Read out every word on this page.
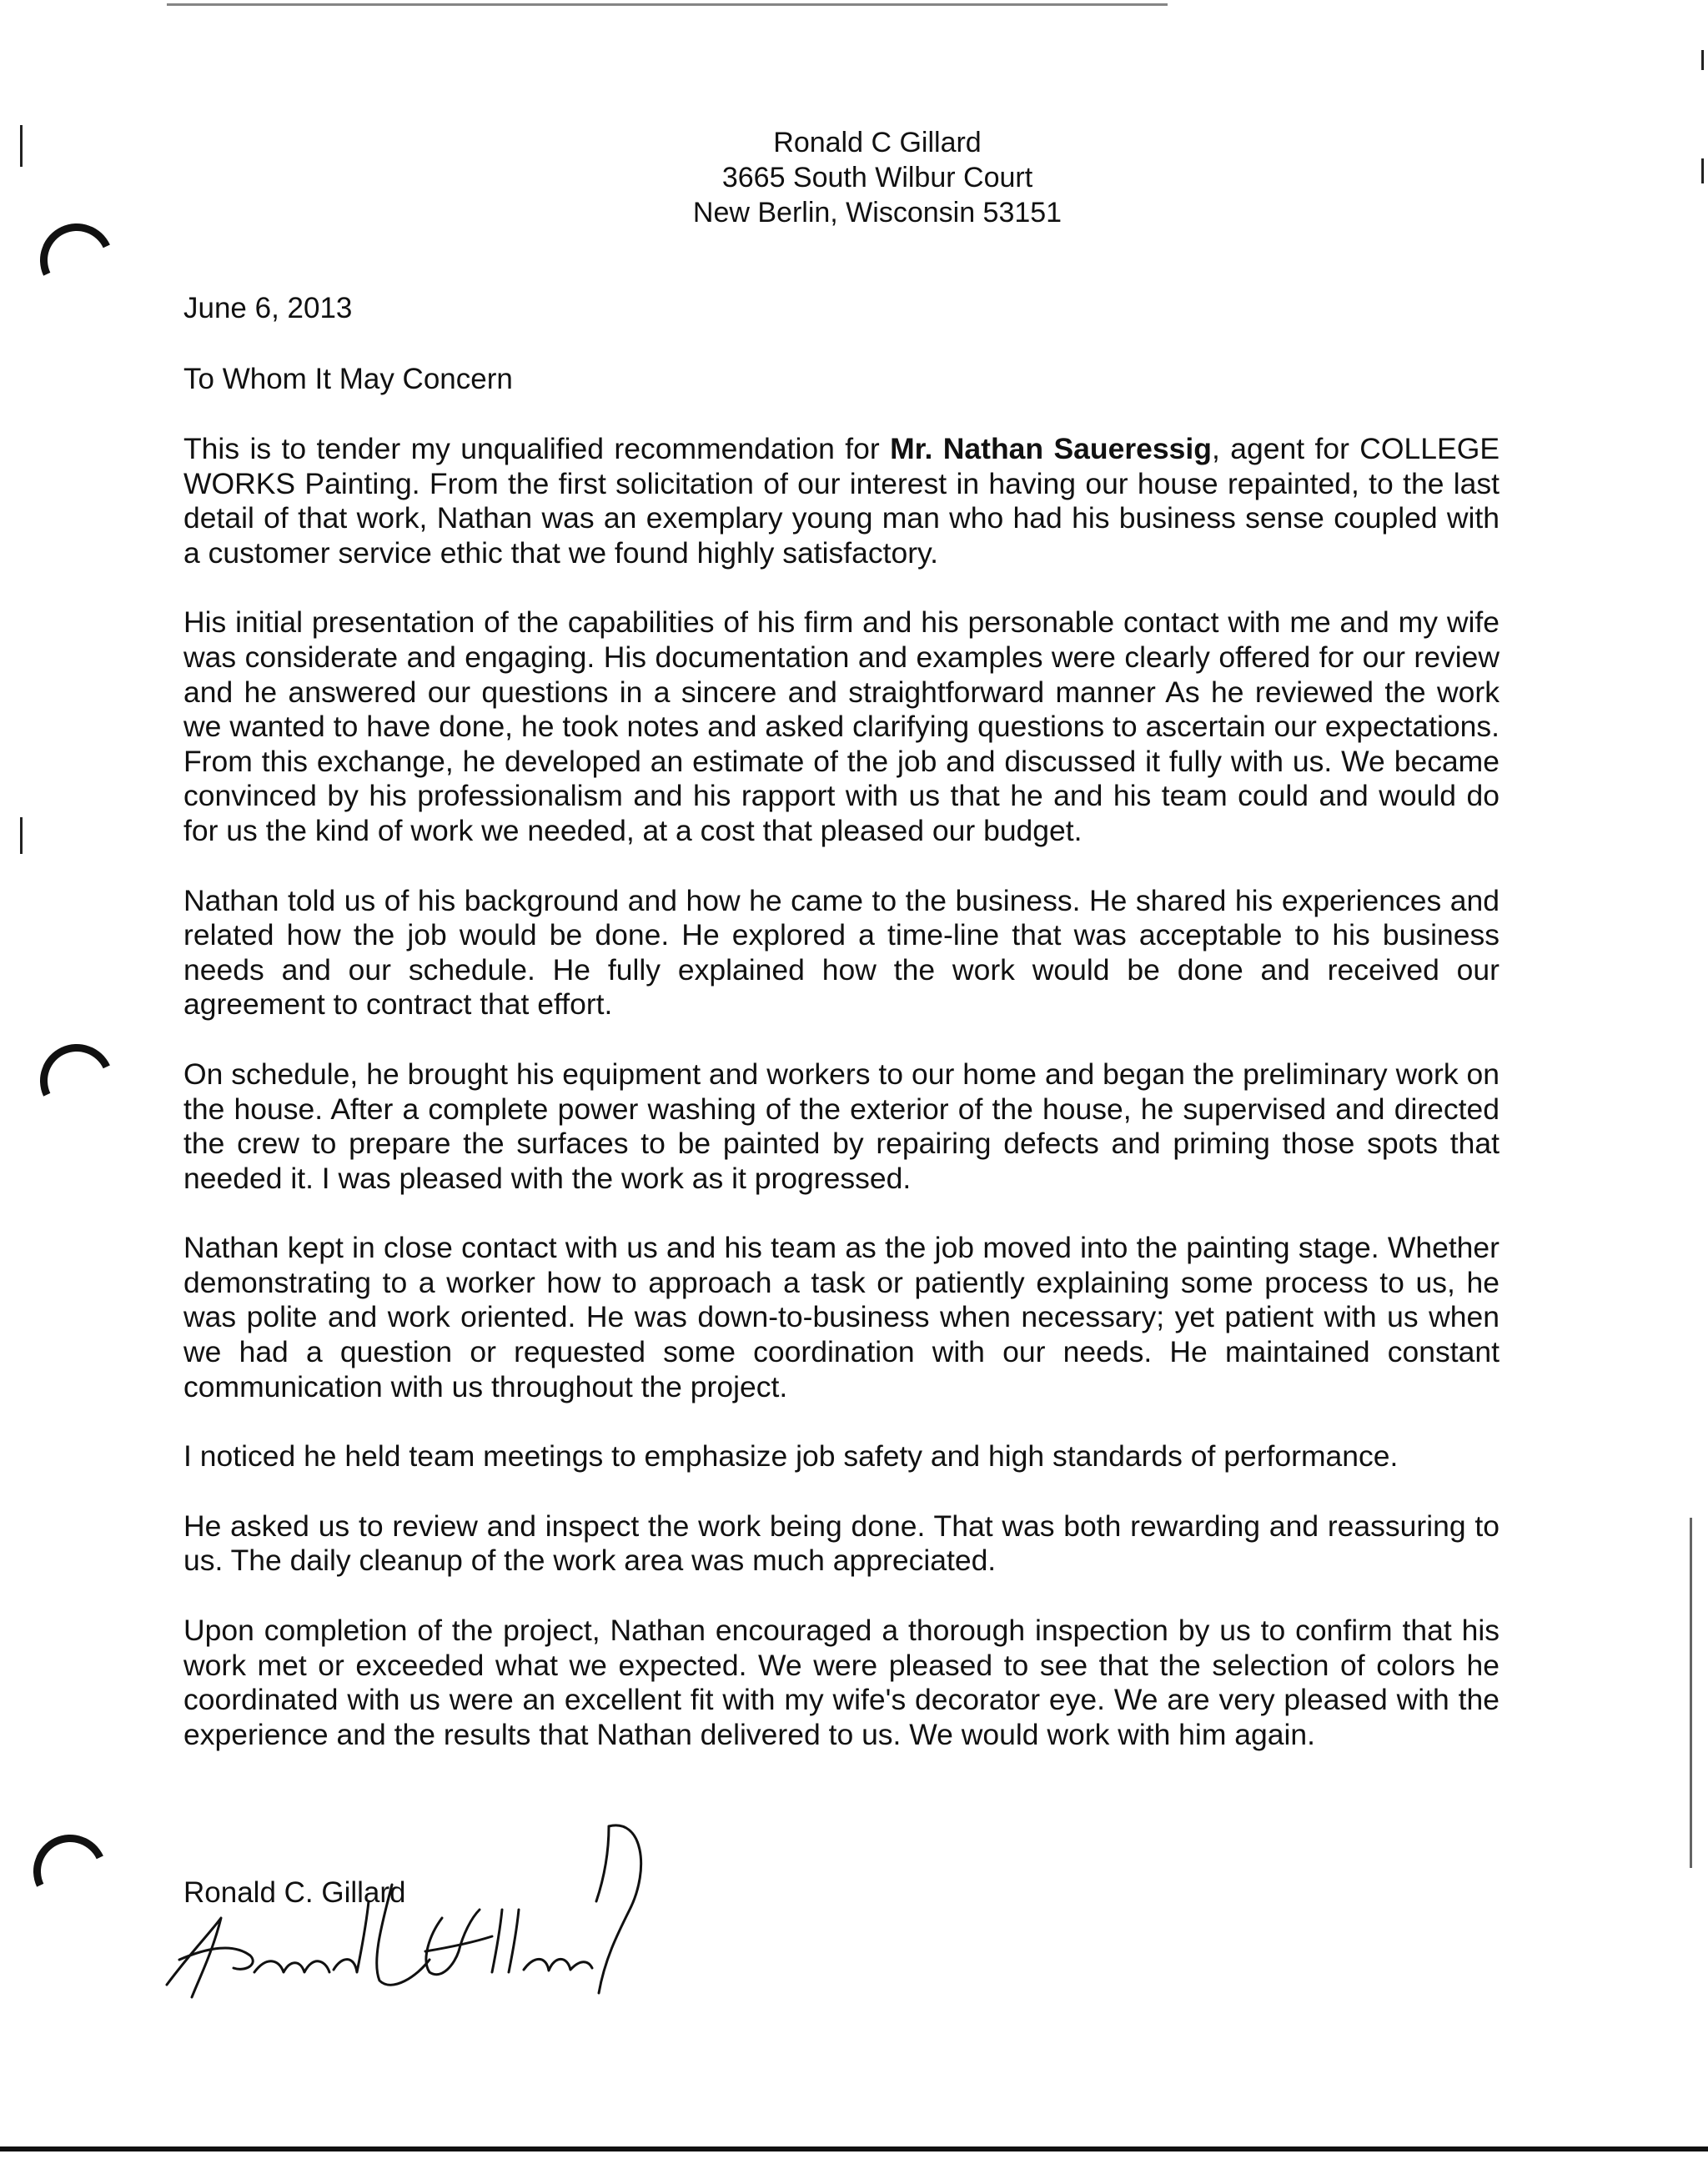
Ronald C Gillard
3665 South Wilbur Court
New Berlin, Wisconsin 53151
June 6, 2013
To Whom It May Concern

This is to tender my unqualified recommendation for Mr. Nathan Saueressig, agent for COLLEGE WORKS Painting. From the first solicitation of our interest in having our house repainted, to the last detail of that work, Nathan was an exemplary young man who had his business sense coupled with a customer service ethic that we found highly satisfactory.

His initial presentation of the capabilities of his firm and his personable contact with me and my wife was considerate and engaging. His documentation and examples were clearly offered for our review and he answered our questions in a sincere and straightforward manner As he reviewed the work we wanted to have done, he took notes and asked clarifying questions to ascertain our expectations. From this exchange, he developed an estimate of the job and discussed it fully with us. We became convinced by his professionalism and his rapport with us that he and his team could and would do for us the kind of work we needed, at a cost that pleased our budget.

Nathan told us of his background and how he came to the business. He shared his experiences and related how the job would be done. He explored a time-line that was acceptable to his business needs and our schedule. He fully explained how the work would be done and received our agreement to contract that effort.

On schedule, he brought his equipment and workers to our home and began the preliminary work on the house. After a complete power washing of the exterior of the house, he supervised and directed the crew to prepare the surfaces to be painted by repairing defects and priming those spots that needed it. I was pleased with the work as it progressed.

Nathan kept in close contact with us and his team as the job moved into the painting stage. Whether demonstrating to a worker how to approach a task or patiently explaining some process to us, he was polite and work oriented. He was down-to-business when necessary; yet patient with us when we had a question or requested some coordination with our needs. He maintained constant communication with us throughout the project.

I noticed he held team meetings to emphasize job safety and high standards of performance.

He asked us to review and inspect the work being done. That was both rewarding and reassuring to us. The daily cleanup of the work area was much appreciated.

Upon completion of the project, Nathan encouraged a thorough inspection by us to confirm that his work met or exceeded what we expected. We were pleased to see that the selection of colors he coordinated with us were an excellent fit with my wife's decorator eye. We are very pleased with the experience and the results that Nathan delivered to us. We would work with him again.

Ronald C. Gillard
